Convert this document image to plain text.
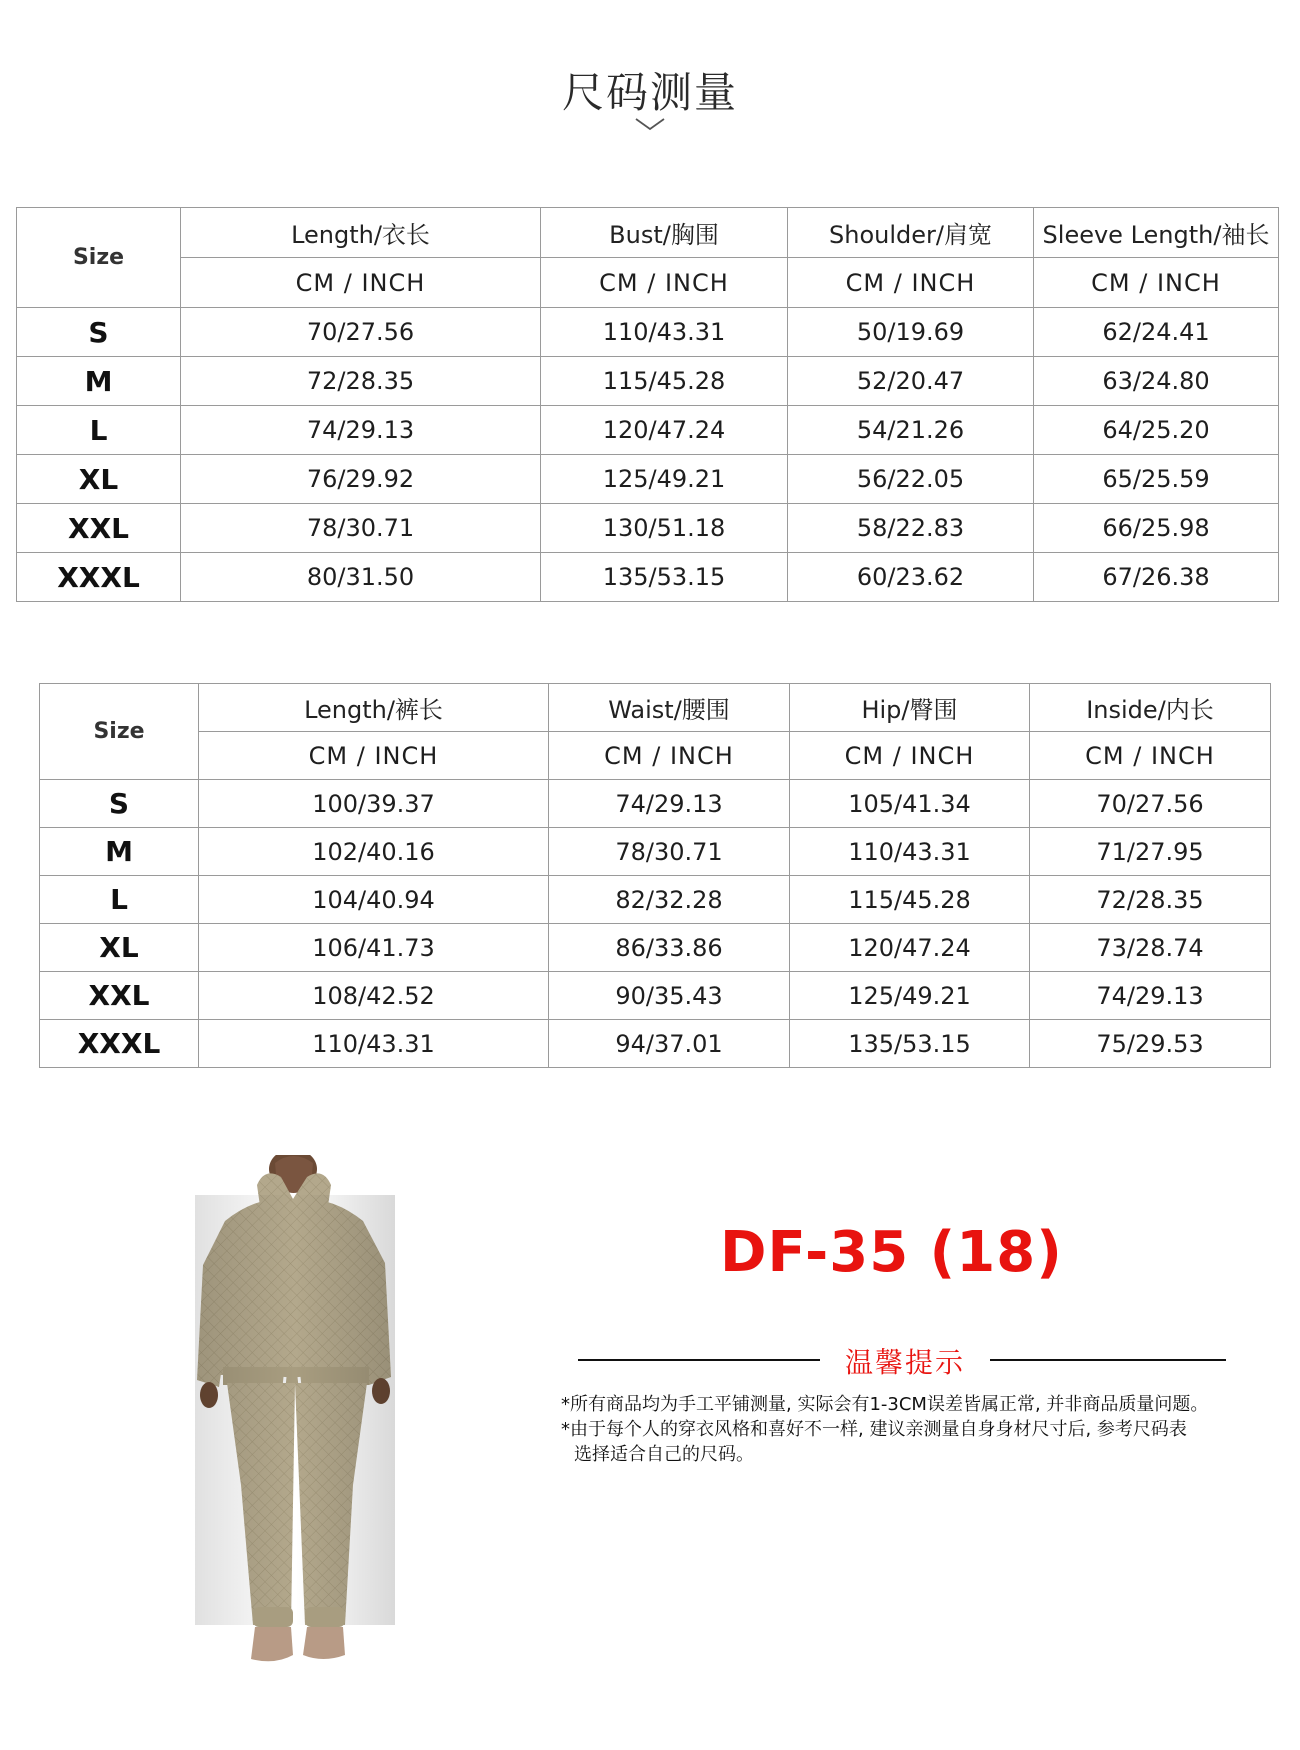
尺码测量
Size	Length/衣长	Bust/胸围	Shoulder/肩宽	Sleeve Length/袖长
	CM / INCH	CM / INCH	CM / INCH	CM / INCH
S	70/27.56	110/43.31	50/19.69	62/24.41
M	72/28.35	115/45.28	52/20.47	63/24.80
L	74/29.13	120/47.24	54/21.26	64/25.20
XL	76/29.92	125/49.21	56/22.05	65/25.59
XXL	78/30.71	130/51.18	58/22.83	66/25.98
XXXL	80/31.50	135/53.15	60/23.62	67/26.38
Size	Length/裤长	Waist/腰围	Hip/臀围	Inside/内长
	CM / INCH	CM / INCH	CM / INCH	CM / INCH
S	100/39.37	74/29.13	105/41.34	70/27.56
M	102/40.16	78/30.71	110/43.31	71/27.95
L	104/40.94	82/32.28	115/45.28	72/28.35
XL	106/41.73	86/33.86	120/47.24	73/28.74
XXL	108/42.52	90/35.43	125/49.21	74/29.13
XXXL	110/43.31	94/37.01	135/53.15	75/29.53
DF-35 (18)
温馨提示
*所有商品均为手工平铺测量, 实际会有1-3CM误差皆属正常, 并非商品质量问题。
*由于每个人的穿衣风格和喜好不一样, 建议亲测量自身身材尺寸后, 参考尺码表
选择适合自己的尺码。
